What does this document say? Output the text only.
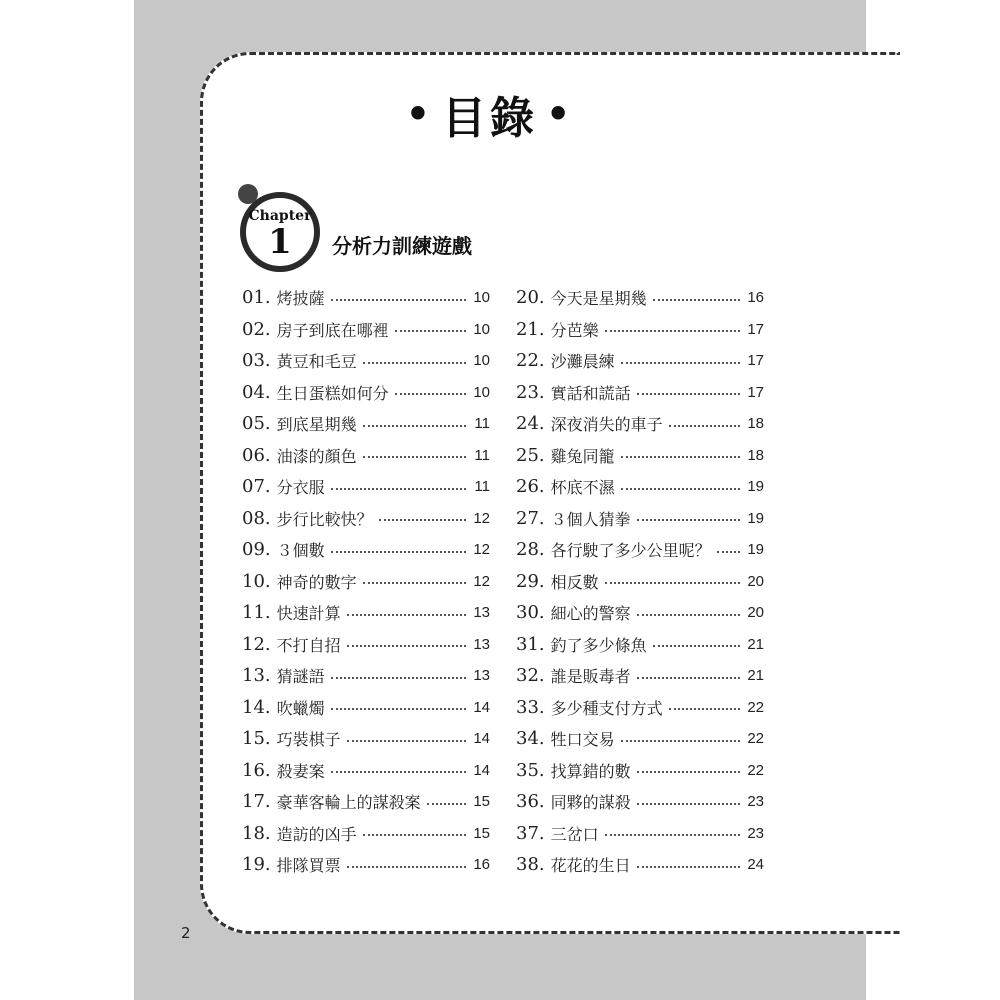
• 目錄 •
Chapter
1	分析力訓練遊戲
01. 烤披薩	10
02. 房子到底在哪裡	10
03. 黃豆和毛豆	10
04. 生日蛋糕如何分	10
05. 到底星期幾	11
06. 油漆的顏色	11
07. 分衣服	11
08. 步行比較快？	12
09. ３個數	12
10. 神奇的數字	12
11. 快速計算	13
12. 不打自招	13
13. 猜謎語	13
14. 吹蠟燭	14
15. 巧裝棋子	14
16. 殺妻案	14
17. 豪華客輪上的謀殺案	15
18. 造訪的凶手	15
19. 排隊買票	16
20. 今天是星期幾	16
21. 分芭樂	17
22. 沙灘晨練	17
23. 實話和謊話	17
24. 深夜消失的車子	18
25. 雞兔同籠	18
26. 杯底不濕	19
27. ３個人猜拳	19
28. 各行駛了多少公里呢？ 19
29. 相反數	20
30. 細心的警察	20
31. 釣了多少條魚	21
32. 誰是販毒者	21
33. 多少種支付方式	22
34. 牲口交易	22
35. 找算錯的數	22
36. 同夥的謀殺	23
37. 三岔口	23
38. 花花的生日	24
2
